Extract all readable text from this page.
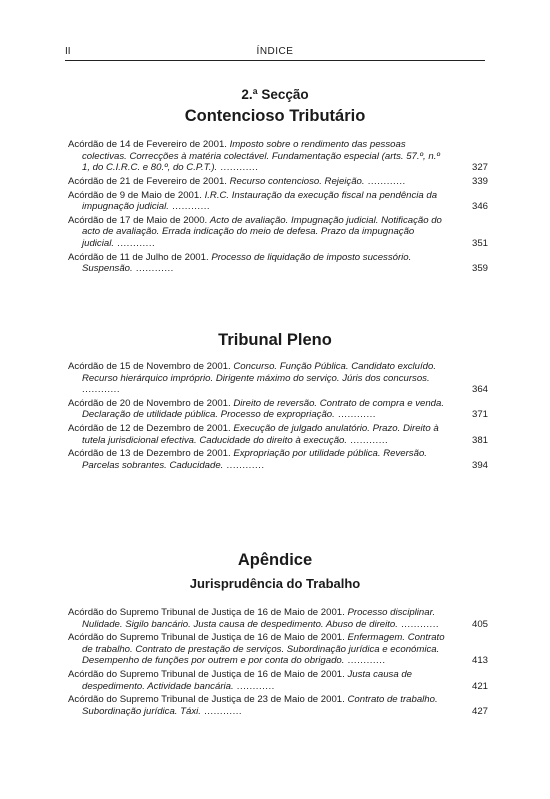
II	ÍNDICE
2.ª Secção
Contencioso Tributário
Acórdão de 14 de Fevereiro de 2001. Imposto sobre o rendimento das pessoas colectivas. Correcções à matéria colectável. Fundamentação especial (arts. 57.º, n.º 1, do C.I.R.C. e 80.º, do C.P.T.). ............	327
Acórdão de 21 de Fevereiro de 2001. Recurso contencioso. Rejeição. ............	339
Acórdão de 9 de Maio de 2001. I.R.C. Instauração da execução fiscal na pendência da impugnação judicial. ............	346
Acórdão de 17 de Maio de 2000. Acto de avaliação. Impugnação judicial. Notificação do acto de avaliação. Errada indicação do meio de defesa. Prazo da impugnação judicial. ............	351
Acórdão de 11 de Julho de 2001. Processo de liquidação de imposto sucessório. Suspensão. ............	359
Tribunal Pleno
Acórdão de 15 de Novembro de 2001. Concurso. Função Pública. Candidato excluído. Recurso hierárquico impróprio. Dirigente máximo do serviço. Júris dos concursos. ............	364
Acórdão de 20 de Novembro de 2001. Direito de reversão. Contrato de compra e venda. Declaração de utilidade pública. Processo de expropriação. ............	371
Acórdão de 12 de Dezembro de 2001. Execução de julgado anulatório. Prazo. Direito à tutela jurisdicional efectiva. Caducidade do direito à execução. ............	381
Acórdão de 13 de Dezembro de 2001. Expropriação por utilidade pública. Reversão. Parcelas sobrantes. Caducidade. ............	394
Apêndice
Jurisprudência do Trabalho
Acórdão do Supremo Tribunal de Justiça de 16 de Maio de 2001. Processo disciplinar. Nulidade. Sigilo bancário. Justa causa de despedimento. Abuso de direito. ............	405
Acórdão do Supremo Tribunal de Justiça de 16 de Maio de 2001. Enfermagem. Contrato de trabalho. Contrato de prestação de serviços. Subordinação jurídica e económica. Desempenho de funções por outrem e por conta do obrigado. ............	413
Acórdão do Supremo Tribunal de Justiça de 16 de Maio de 2001. Justa causa de despedimento. Actividade bancária. ............	421
Acórdão do Supremo Tribunal de Justiça de 23 de Maio de 2001. Contrato de trabalho. Subordinação jurídica. Táxi. ............	427
